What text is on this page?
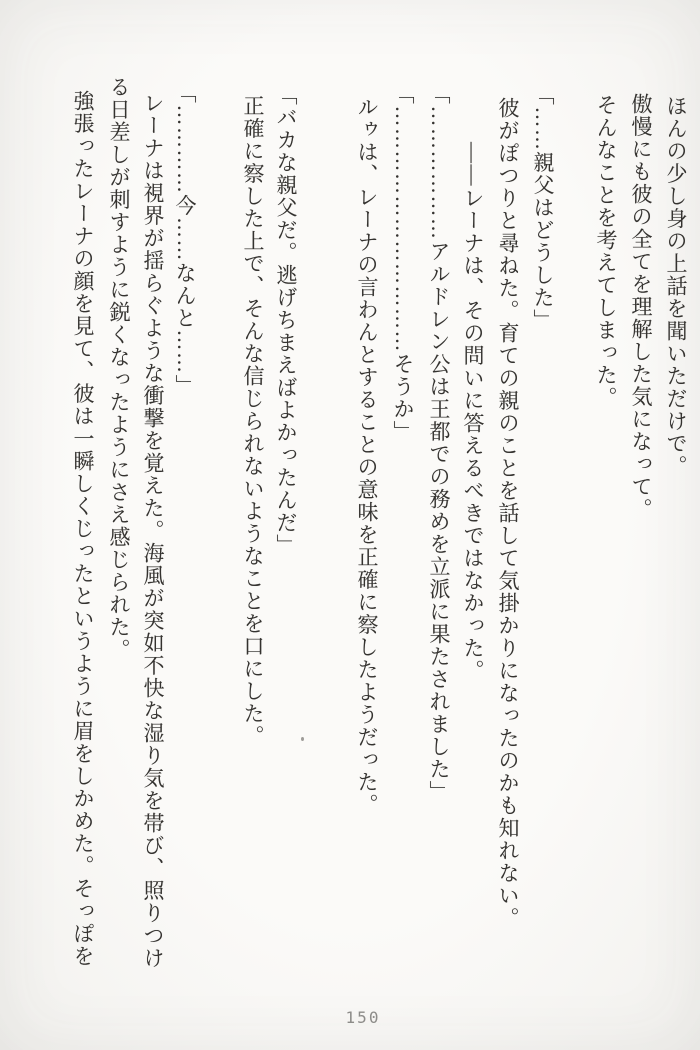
ほんの少し身の上話を聞いただけで。
傲慢にも彼の全てを理解した気になって。
そんなことを考えてしまった。
「……親父はどうした」
彼がぽつりと尋ねた。育ての親のことを話して気掛かりになったのかも知れない。
――レーナは、その問いに答えるべきではなかった。
「………………アルドレン公は王都での務めを立派に果たされました」
「……………………………そうか」
ルゥは、レーナの言わんとすることの意味を正確に察したようだった。
「バカな親父だ。逃げちまえばよかったんだ」
正確に察した上で、そんな信じられないようなことを口にした。
「…………今……なんと……」
レーナは視界が揺らぐような衝撃を覚えた。海風が突如不快な湿り気を帯び、照りつけ
る日差しが刺すように鋭くなったようにさえ感じられた。
強張ったレーナの顔を見て、彼は一瞬しくじったというように眉をしかめた。そっぽを
150
